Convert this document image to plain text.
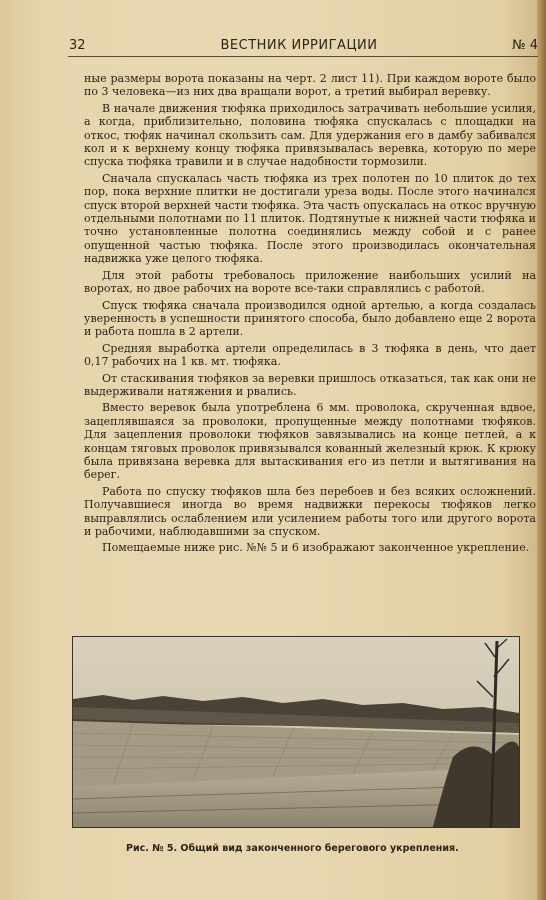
32	ВЕСТНИК ИРРИГАЦИИ	№ 4

ные размеры ворота показаны на черт. 2 лист 11). При каждом вороте было по 3 человека—из них два вращали ворот, а третий выбирал веревку.

В начале движения тюфяка приходилось затрачивать небольшие усилия, а когда, приблизительно, половина тюфяка спускалась с площадки на откос, тюфяк начинал скользить сам. Для удержания его в дамбу забивался кол и к верхнему концу тюфяка привязывалась веревка, которую по мере спуска тюфяка травили и в случае надобности тормозили.

Сначала спускалась часть тюфяка из трех полотен по 10 плиток до тех пор, пока верхние плитки не достигали уреза воды. После этого начинался спуск второй верхней части тюфяка. Эта часть опускалась на откос вручную отдельными полотнами по 11 плиток. Подтянутые к нижней части тюфяка и точно установленные полотна соединялись между собой и с ранее опущенной частью тюфяка. После этого производилась окончательная надвижка уже целого тюфяка.

Для этой работы требовалось приложение наибольших усилий на воротах, но двое рабочих на вороте все-таки справлялись с работой.

Спуск тюфяка сначала производился одной артелью, а когда создалась уверенность в успешности принятого способа, было добавлено еще 2 ворота и работа пошла в 2 артели.

Средняя выработка артели определилась в 3 тюфяка в день, что дает 0,17 рабочих на 1 кв. мт. тюфяка.

От стаскивания тюфяков за веревки пришлось отказаться, так как они не выдерживали натяжения и рвались.

Вместо веревок была употреблена 6 мм. проволока, скрученная вдвое, зацеплявшаяся за проволоки, пропущенные между полотнами тюфяков. Для зацепления проволоки тюфяков завязывались на конце петлей, а к концам тяговых проволок привязывался кованный железный крюк. К крюку была привязана веревка для вытаскивания его из петли и вытягивания на берег.

Работа по спуску тюфяков шла без перебоев и без всяких осложнений. Получавшиеся иногда во время надвижки перекосы тюфяков легко выправлялись ослаблением или усилением работы того или другого ворота и рабочими, наблюдавшими за спуском.

Помещаемые ниже рис. №№ 5 и 6 изображают законченное укрепление.

Рис. № 5. Общий вид законченного берегового укрепления.
